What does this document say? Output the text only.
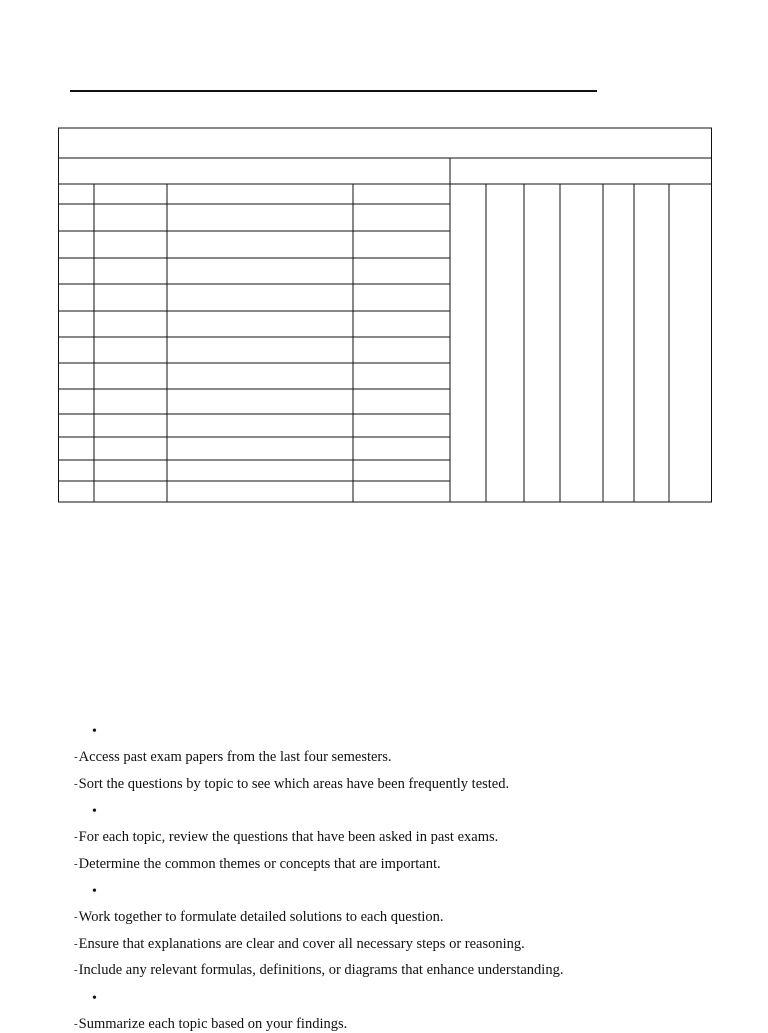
•
-Access past exam papers from the last four semesters.
-Sort the questions by topic to see which areas have been frequently tested.
•
-For each topic, review the questions that have been asked in past exams.
-Determine the common themes or concepts that are important.
•
-Work together to formulate detailed solutions to each question.
-Ensure that explanations are clear and cover all necessary steps or reasoning.
-Include any relevant formulas, definitions, or diagrams that enhance understanding.
•
-Summarize each topic based on your findings.
